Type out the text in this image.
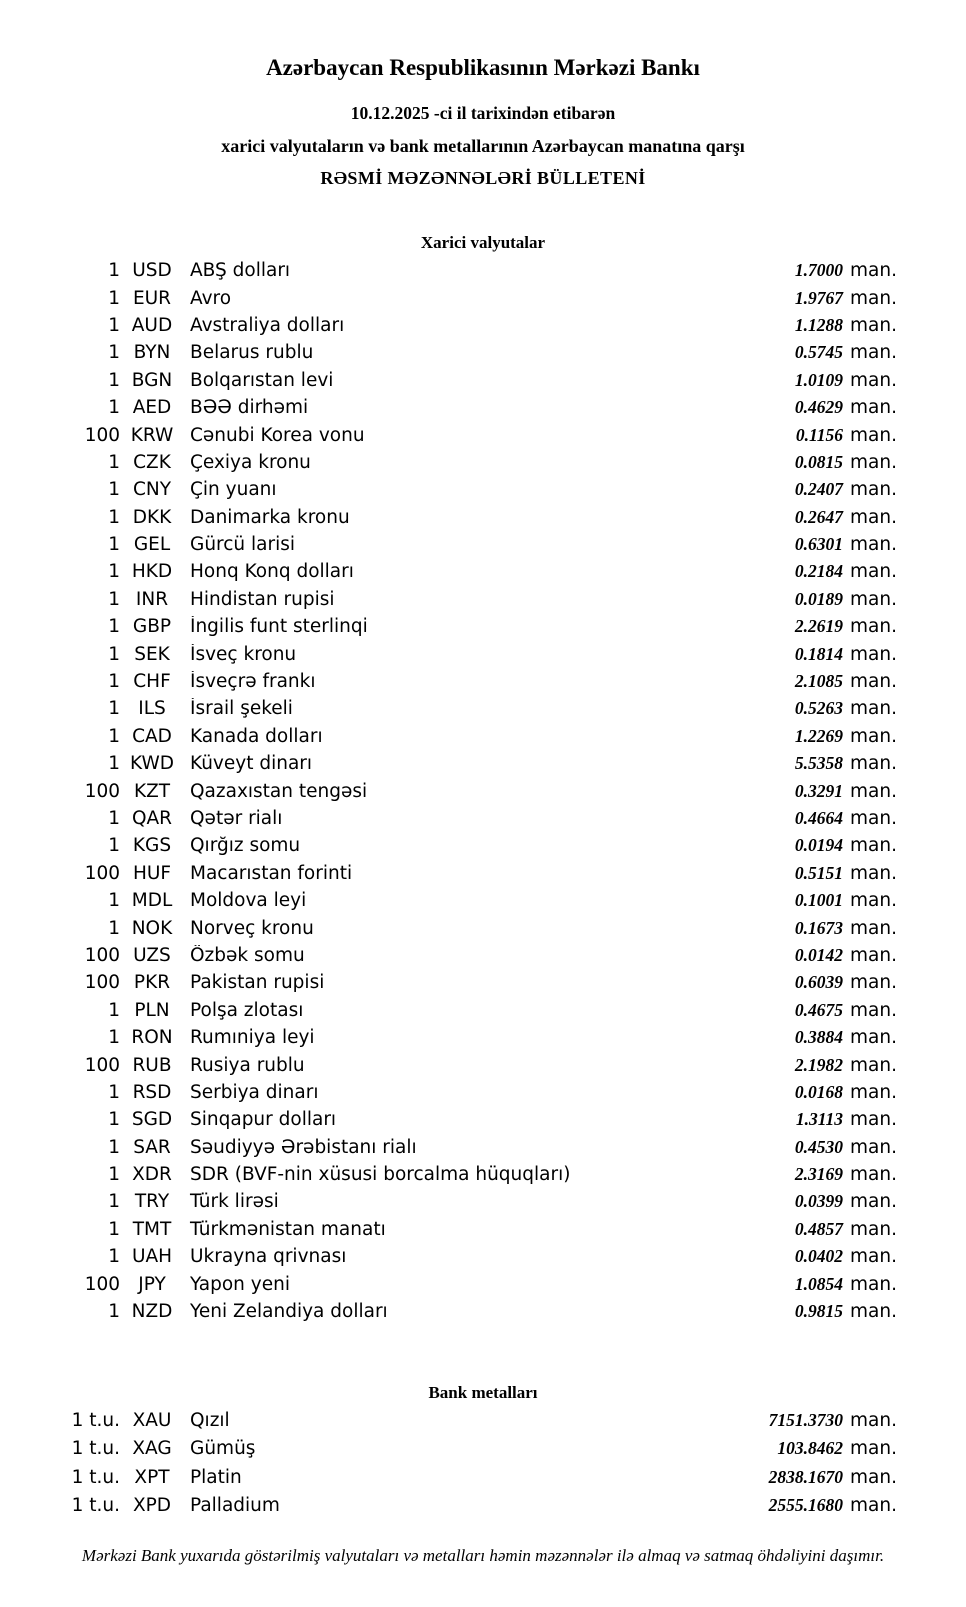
Azərbaycan Respublikasının Mərkəzi Bankı
10.12.2025 -ci il tarixindən etibarən
xarici valyutaların və bank metallarının Azərbaycan manatına qarşı
RƏSMİ MƏZƏNNƏLƏRİ BÜLLETENİ
Xarici valyutalar
1 USD ABŞ dolları	1.7000 man.
1 EUR	Avro	1.9767 man.
1 AUD Avstraliya dolları	1.1288 man.
1 BYN	Belarus rublu	0.5745 man.
1 BGN Bolqarıstan levi	1.0109 man.
1 AED	BƏƏ dirhəmi	0.4629 man.
100 KRW Cənubi Korea vonu	0.1156 man.
1 CZK	Çexiya kronu	0.0815 man.
1 CNY	Çin yuanı	0.2407 man.
1 DKK	Danimarka kronu	0.2647 man.
1 GEL	Gürcü larisi	0.6301 man.
1 HKD Honq Konq dolları	0.2184 man.
1 INR	Hindistan rupisi	0.0189 man.
1 GBP	İngilis funt sterlinqi	2.2619 man.
1 SEK	İsveç kronu	0.1814 man.
1 CHF	İsveçrə frankı	2.1085 man.
1 ILS	İsrail şekeli	0.5263 man.
1 CAD Kanada dolları	1.2269 man.
1 KWD Küveyt dinarı	5.5358 man.
100 KZT	Qazaxıstan tengəsi	0.3291 man.
1 QAR Qətər rialı	0.4664 man.
1 KGS	Qırğız somu	0.0194 man.
100 HUF	Macarıstan forinti	0.5151 man.
1 MDL Moldova leyi	0.1001 man.
1 NOK Norveç kronu	0.1673 man.
100 UZS	Özbək somu	0.0142 man.
100 PKR	Pakistan rupisi	0.6039 man.
1 PLN	Polşa zlotası	0.4675 man.
1 RON Rumıniya leyi	0.3884 man.
100 RUB Rusiya rublu	2.1982 man.
1 RSD	Serbiya dinarı	0.0168 man.
1 SGD Sinqapur dolları	1.3113 man.
1 SAR	Səudiyyə Ərəbistanı rialı	0.4530 man.
1 XDR SDR (BVF-nin xüsusi borcalma hüquqları)	2.3169 man.
1 TRY	Türk lirəsi	0.0399 man.
1 TMT	Türkmənistan manatı	0.4857 man.
1 UAH Ukrayna qrivnası	0.0402 man.
100 JPY	Yapon yeni	1.0854 man.
1 NZD Yeni Zelandiya dolları	0.9815 man.
Bank metalları
1 t.u. XAU	Qızıl	7151.3730 man.
1 t.u. XAG Gümüş	103.8462 man.
1 t.u. XPT	Platin	2838.1670 man.
1 t.u. XPD	Palladium	2555.1680 man.
Mərkəzi Bank yuxarıda göstərilmiş valyutaları və metalları həmin məzənnələr ilə almaq və satmaq öhdəliyini daşımır.
